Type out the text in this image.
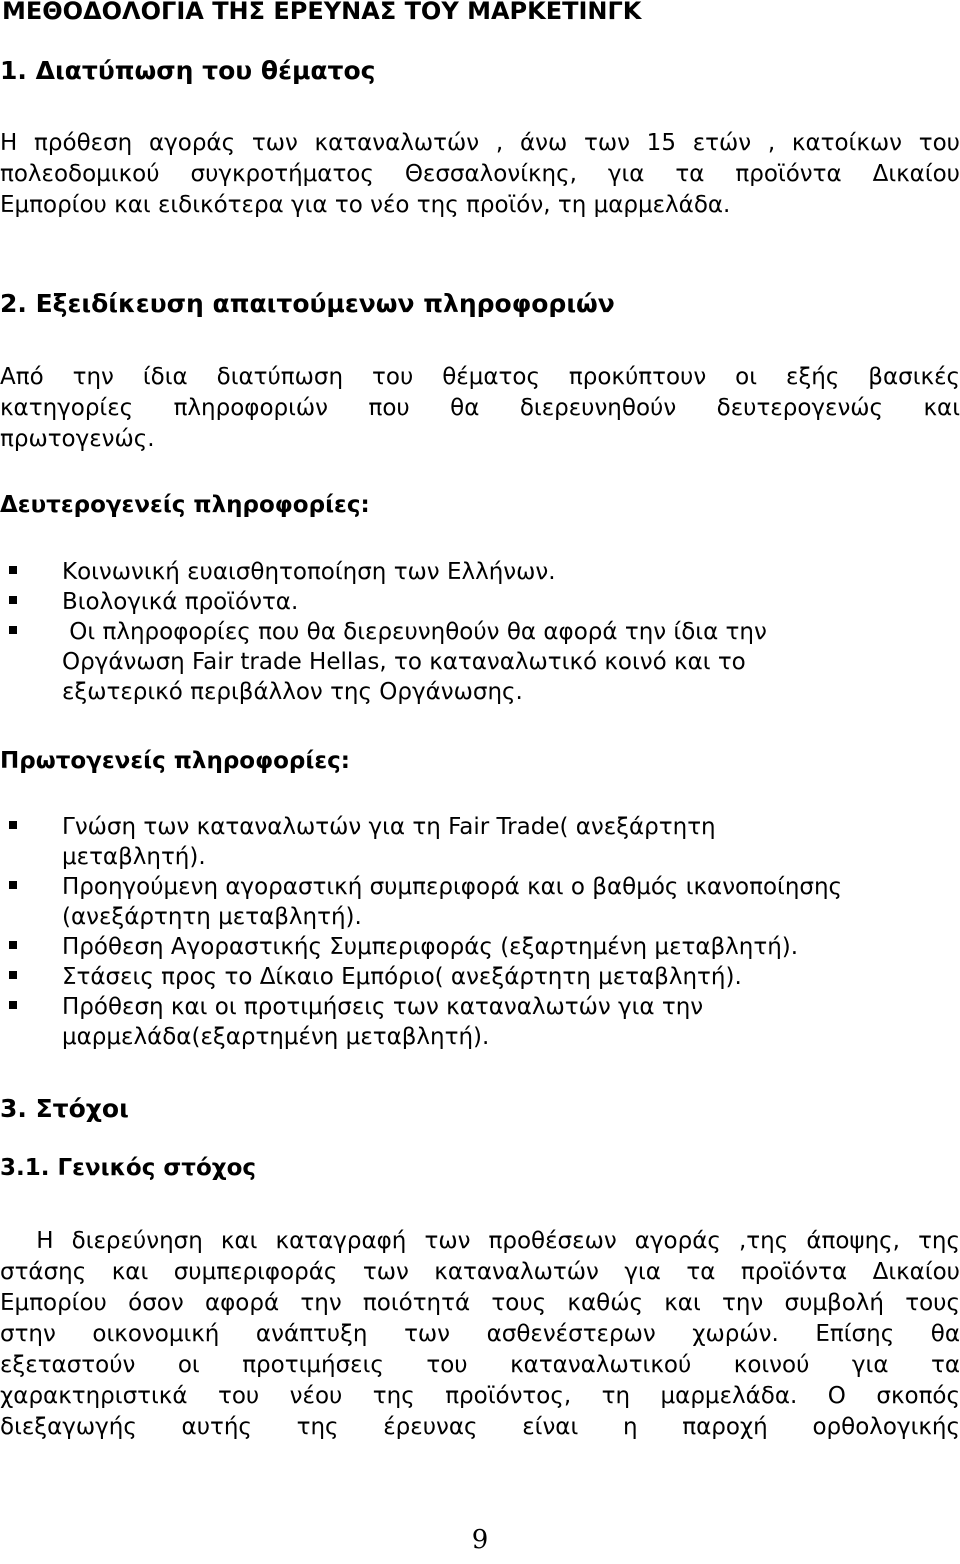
ΜΕΘΟΔΟΛΟΓΙΑ ΤΗΣ ΕΡΕΥΝΑΣ ΤΟΥ ΜΑΡΚΕΤΙΝΓΚ
1. Διατύπωση του θέματος

Η πρόθεση αγοράς των καταναλωτών , άνω των 15 ετών , κατοίκων του
πολεοδομικού συγκροτήματος Θεσσαλονίκης, για τα προϊόντα Δικαίου
Εμπορίου και ειδικότερα για το νέο της προϊόν, τη μαρμελάδα.

2. Εξειδίκευση απαιτούμενων πληροφοριών

Από την ίδια διατύπωση του θέματος προκύπτουν οι εξής βασικές
κατηγορίες πληροφοριών που θα διερευνηθούν δευτερογενώς και
πρωτογενώς.

Δευτερογενείς πληροφορίες:
Κοινωνική ευαισθητοποίηση των Ελλήνων.
Βιολογικά προϊόντα.
Οι πληροφορίες που θα διερευνηθούν θα αφορά την ίδια την
Οργάνωση Fair trade Hellas, το καταναλωτικό κοινό και το
εξωτερικό περιβάλλον της Οργάνωσης.
Πρωτογενείς πληροφορίες:
Γνώση των καταναλωτών για τη Fair Trade( ανεξάρτητη
μεταβλητή).
Προηγούμενη αγοραστική συμπεριφορά και ο βαθμός ικανοποίησης
(ανεξάρτητη μεταβλητή).
Πρόθεση Αγοραστικής Συμπεριφοράς (εξαρτημένη μεταβλητή).
Στάσεις προς το Δίκαιο Εμπόριο( ανεξάρτητη μεταβλητή).
Πρόθεση και οι προτιμήσεις των καταναλωτών για την
μαρμελάδα(εξαρτημένη μεταβλητή).
3. Στόχοι
3.1. Γενικός στόχος

Η διερεύνηση και καταγραφή των προθέσεων αγοράς ,της άποψης, της
στάσης και συμπεριφοράς των καταναλωτών για τα προϊόντα Δικαίου
Εμπορίου όσον αφορά την ποιότητά τους καθώς και την συμβολή τους
στην οικονομική ανάπτυξη των ασθενέστερων χωρών. Επίσης θα
εξεταστούν οι προτιμήσεις του καταναλωτικού κοινού για τα
χαρακτηριστικά του νέου της προϊόντος, τη μαρμελάδα. Ο σκοπός
διεξαγωγής αυτής της έρευνας είναι η παροχή ορθολογικής

9
